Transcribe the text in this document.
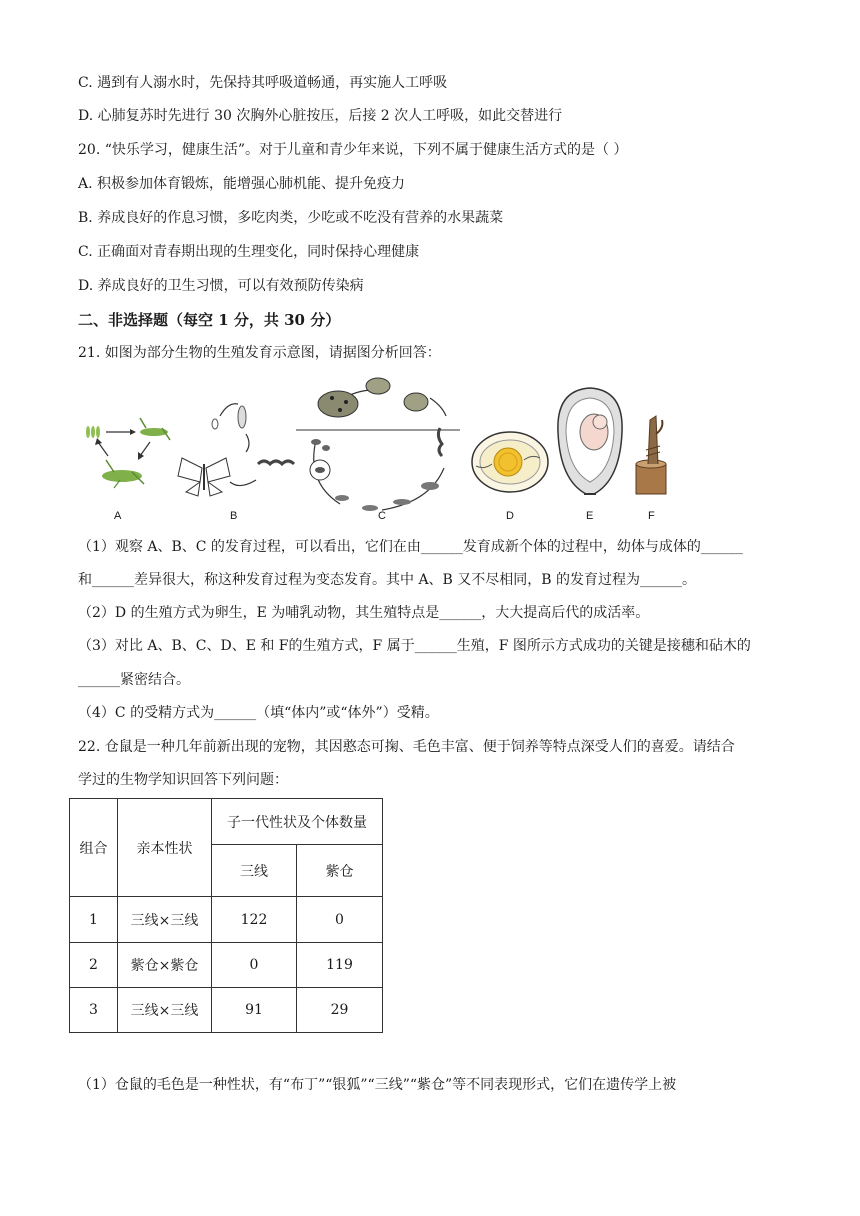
C. 遇到有人溺水时，先保持其呼吸道畅通，再实施人工呼吸
D. 心肺复苏时先进行 30 次胸外心脏按压，后接 2 次人工呼吸，如此交替进行
20. “快乐学习，健康生活”。对于儿童和青少年来说，下列不属于健康生活方式的是（ ）
A. 积极参加体育锻炼，能增强心肺机能、提升免疫力
B. 养成良好的作息习惯，多吃肉类，少吃或不吃没有营养的水果蔬菜
C. 正确面对青春期出现的生理变化，同时保持心理健康
D. 养成良好的卫生习惯，可以有效预防传染病
二、非选择题（每空 1 分，共 30 分）
21. 如图为部分生物的生殖发育示意图，请据图分析回答：
A	B	C	D	E	F
（1）观察 A、B、C 的发育过程，可以看出，它们在由______发育成新个体的过程中，幼体与成体的______
和______差异很大，称这种发育过程为变态发育。其中 A、B 又不尽相同，B 的发育过程为______。
（2）D 的生殖方式为卵生，E 为哺乳动物，其生殖特点是______，大大提高后代的成活率。
（3）对比 A、B、C、D、E 和 F的生殖方式，F 属于______生殖，F 图所示方式成功的关键是接穗和砧木的
______紧密结合。
（4）C 的受精方式为______（填“体内”或“体外”）受精。
22. 仓鼠是一种几年前新出现的宠物，其因憨态可掬、毛色丰富、便于饲养等特点深受人们的喜爱。请结合
学过的生物学知识回答下列问题：
组合	亲本性状	子一代性状及个体数量	
		三线	紫仓
1	三线×三线	122	0
2	紫仓×紫仓	0	119
3	三线×三线	91	29
（1）仓鼠的毛色是一种性状，有“布丁”“银狐”“三线”“紫仓”等不同表现形式，它们在遗传学上被
